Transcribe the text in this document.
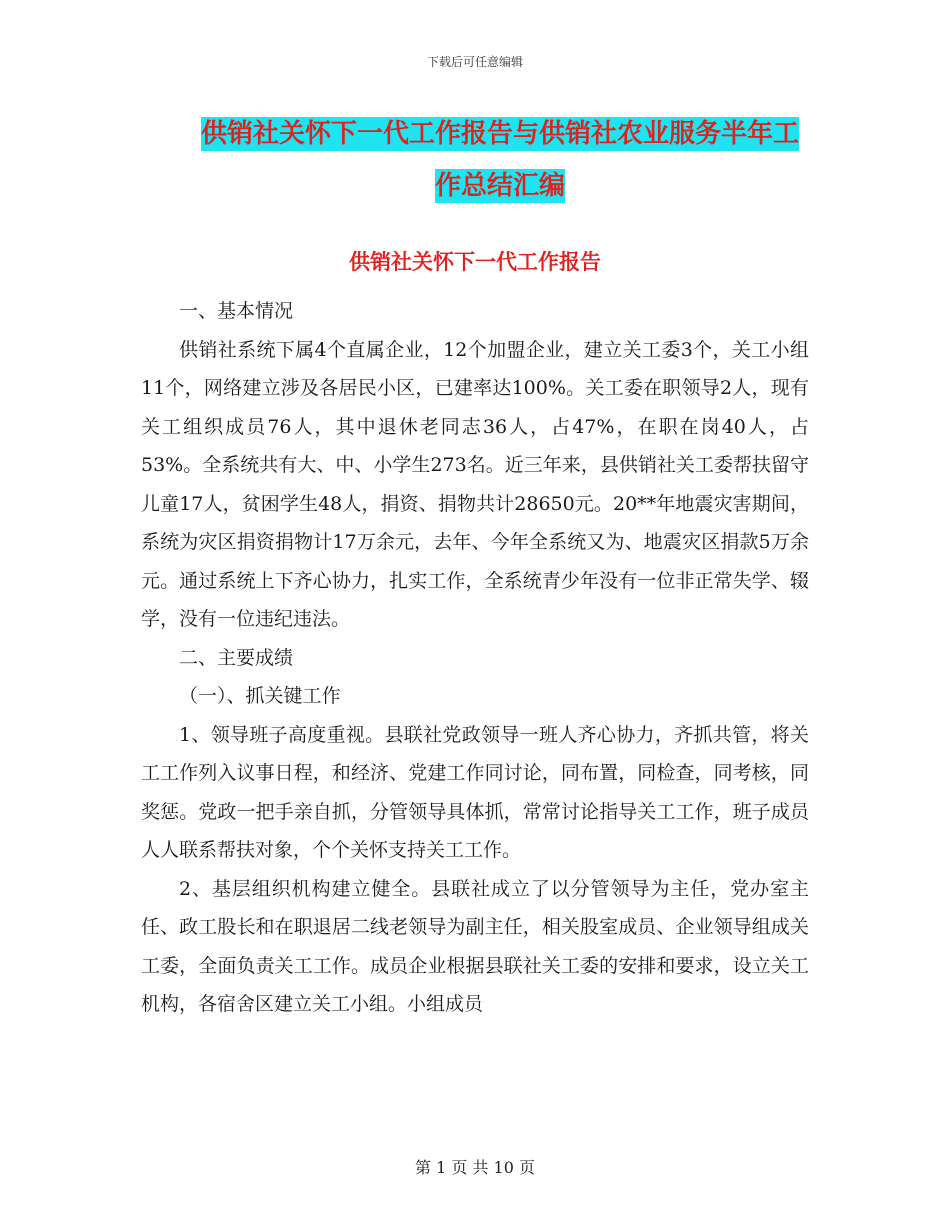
下载后可任意编辑
供销社关怀下一代工作报告与供销社农业服务半年工
作总结汇编
供销社关怀下一代工作报告

一、基本情况

供销社系统下属4个直属企业，12个加盟企业，建立关工委3个，关工小组11个，网络建立涉及各居民小区，已建率达100%。关工委在职领导2人，现有关工组织成员76人，其中退休老同志36人，占47%，在职在岗40人，占53%。全系统共有大、中、小学生273名。近三年来，县供销社关工委帮扶留守儿童17人，贫困学生48人，捐资、捐物共计28650元。20**年地震灾害期间，系统为灾区捐资捐物计17万余元，去年、今年全系统又为、地震灾区捐款5万余元。通过系统上下齐心协力，扎实工作，全系统青少年没有一位非正常失学、辍学，没有一位违纪违法。

二、主要成绩

（一）、抓关键工作

1、领导班子高度重视。县联社党政领导一班人齐心协力，齐抓共管，将关工工作列入议事日程，和经济、党建工作同讨论，同布置，同检查，同考核，同奖惩。党政一把手亲自抓，分管领导具体抓，常常讨论指导关工工作，班子成员人人联系帮扶对象，个个关怀支持关工工作。

2、基层组织机构建立健全。县联社成立了以分管领导为主任，党办室主任、政工股长和在职退居二线老领导为副主任，相关股室成员、企业领导组成关工委，全面负责关工工作。成员企业根据县联社关工委的安排和要求，设立关工机构，各宿舍区建立关工小组。小组成员

第 1 页 共 10 页
